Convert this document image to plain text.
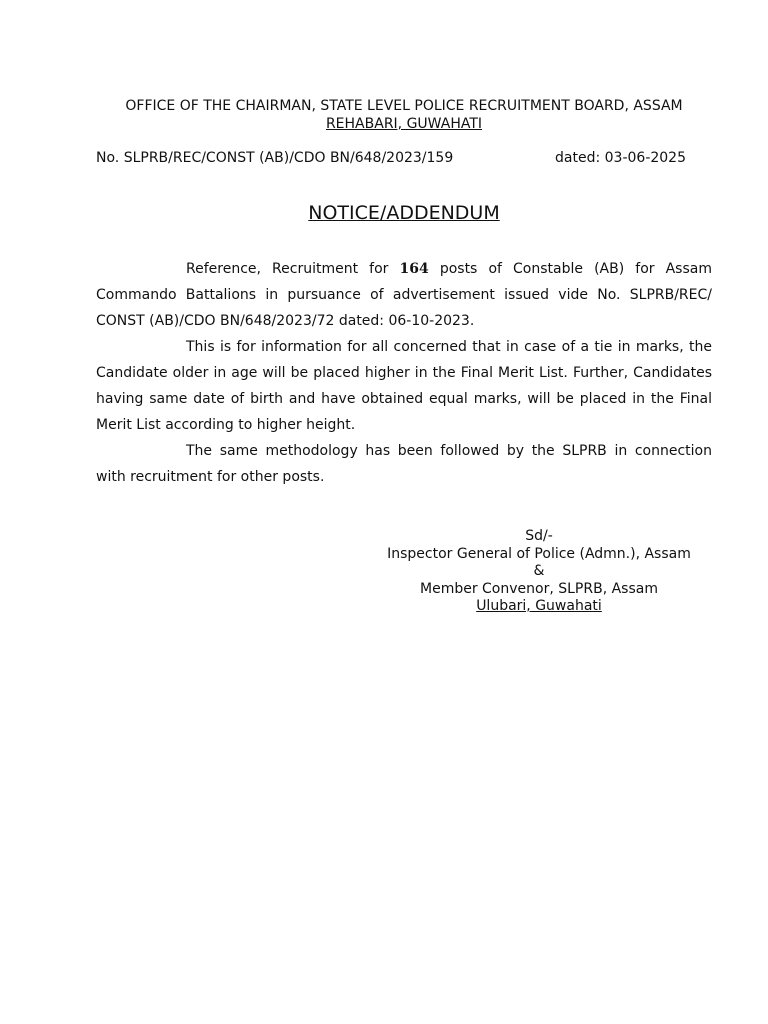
OFFICE OF THE CHAIRMAN, STATE LEVEL POLICE RECRUITMENT BOARD, ASSAM
REHABARI, GUWAHATI
No. SLPRB/REC/CONST (AB)/CDO BN/648/2023/159	dated: 03-06-2025
NOTICE/ADDENDUM

Reference, Recruitment for 164 posts of Constable (AB) for Assam Commando Battalions in pursuance of advertisement issued vide No. SLPRB/REC/ CONST (AB)/CDO BN/648/2023/72 dated: 06-10-2023.

This is for information for all concerned that in case of a tie in marks, the Candidate older in age will be placed higher in the Final Merit List. Further, Candidates having same date of birth and have obtained equal marks, will be placed in the Final Merit List according to higher height.

The same methodology has been followed by the SLPRB in connection with recruitment for other posts.

Sd/-
Inspector General of Police (Admn.), Assam
&
Member Convenor, SLPRB, Assam
Ulubari, Guwahati
